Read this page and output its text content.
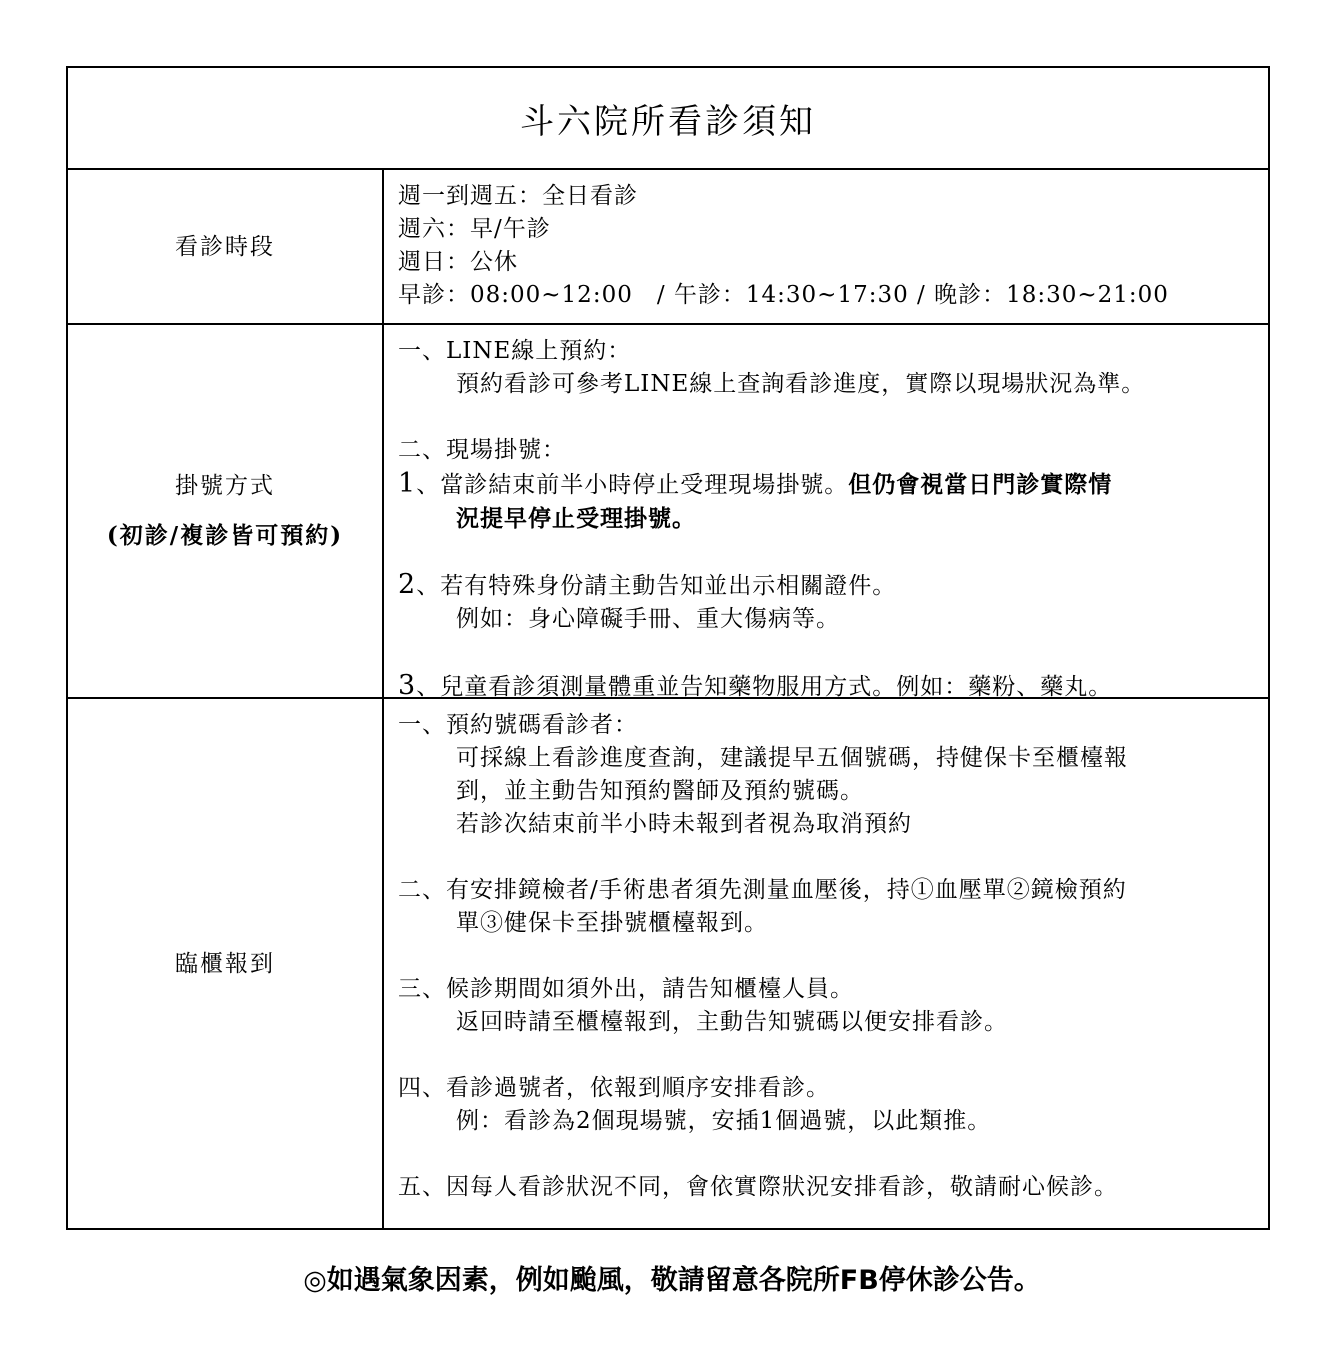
斗六院所看診須知
看診時段
週一到週五：全日看診
週六：早/午診
週日：公休
早診：08:00~12:00　/ 午診：14:30~17:30 / 晚診：18:30~21:00
掛號方式
(初診/複診皆可預約)
一、LINE線上預約：
預約看診可參考LINE線上查詢看診進度，實際以現場狀況為準。
二、現場掛號：
1、當診結束前半小時停止受理現場掛號。但仍會視當日門診實際情
況提早停止受理掛號。
2、若有特殊身份請主動告知並出示相關證件。
例如：身心障礙手冊、重大傷病等。
3、兒童看診須測量體重並告知藥物服用方式。例如：藥粉、藥丸。
臨櫃報到
一、預約號碼看診者：
可採線上看診進度查詢，建議提早五個號碼，持健保卡至櫃檯報
到，並主動告知預約醫師及預約號碼。
若診次結束前半小時未報到者視為取消預約
二、有安排鏡檢者/手術患者須先測量血壓後，持①血壓單②鏡檢預約
單③健保卡至掛號櫃檯報到。
三、候診期間如須外出，請告知櫃檯人員。
返回時請至櫃檯報到，主動告知號碼以便安排看診。
四、看診過號者，依報到順序安排看診。
例：看診為2個現場號，安插1個過號，以此類推。
五、因每人看診狀況不同，會依實際狀況安排看診，敬請耐心候診。
◎如遇氣象因素，例如颱風，敬請留意各院所FB停休診公告。
